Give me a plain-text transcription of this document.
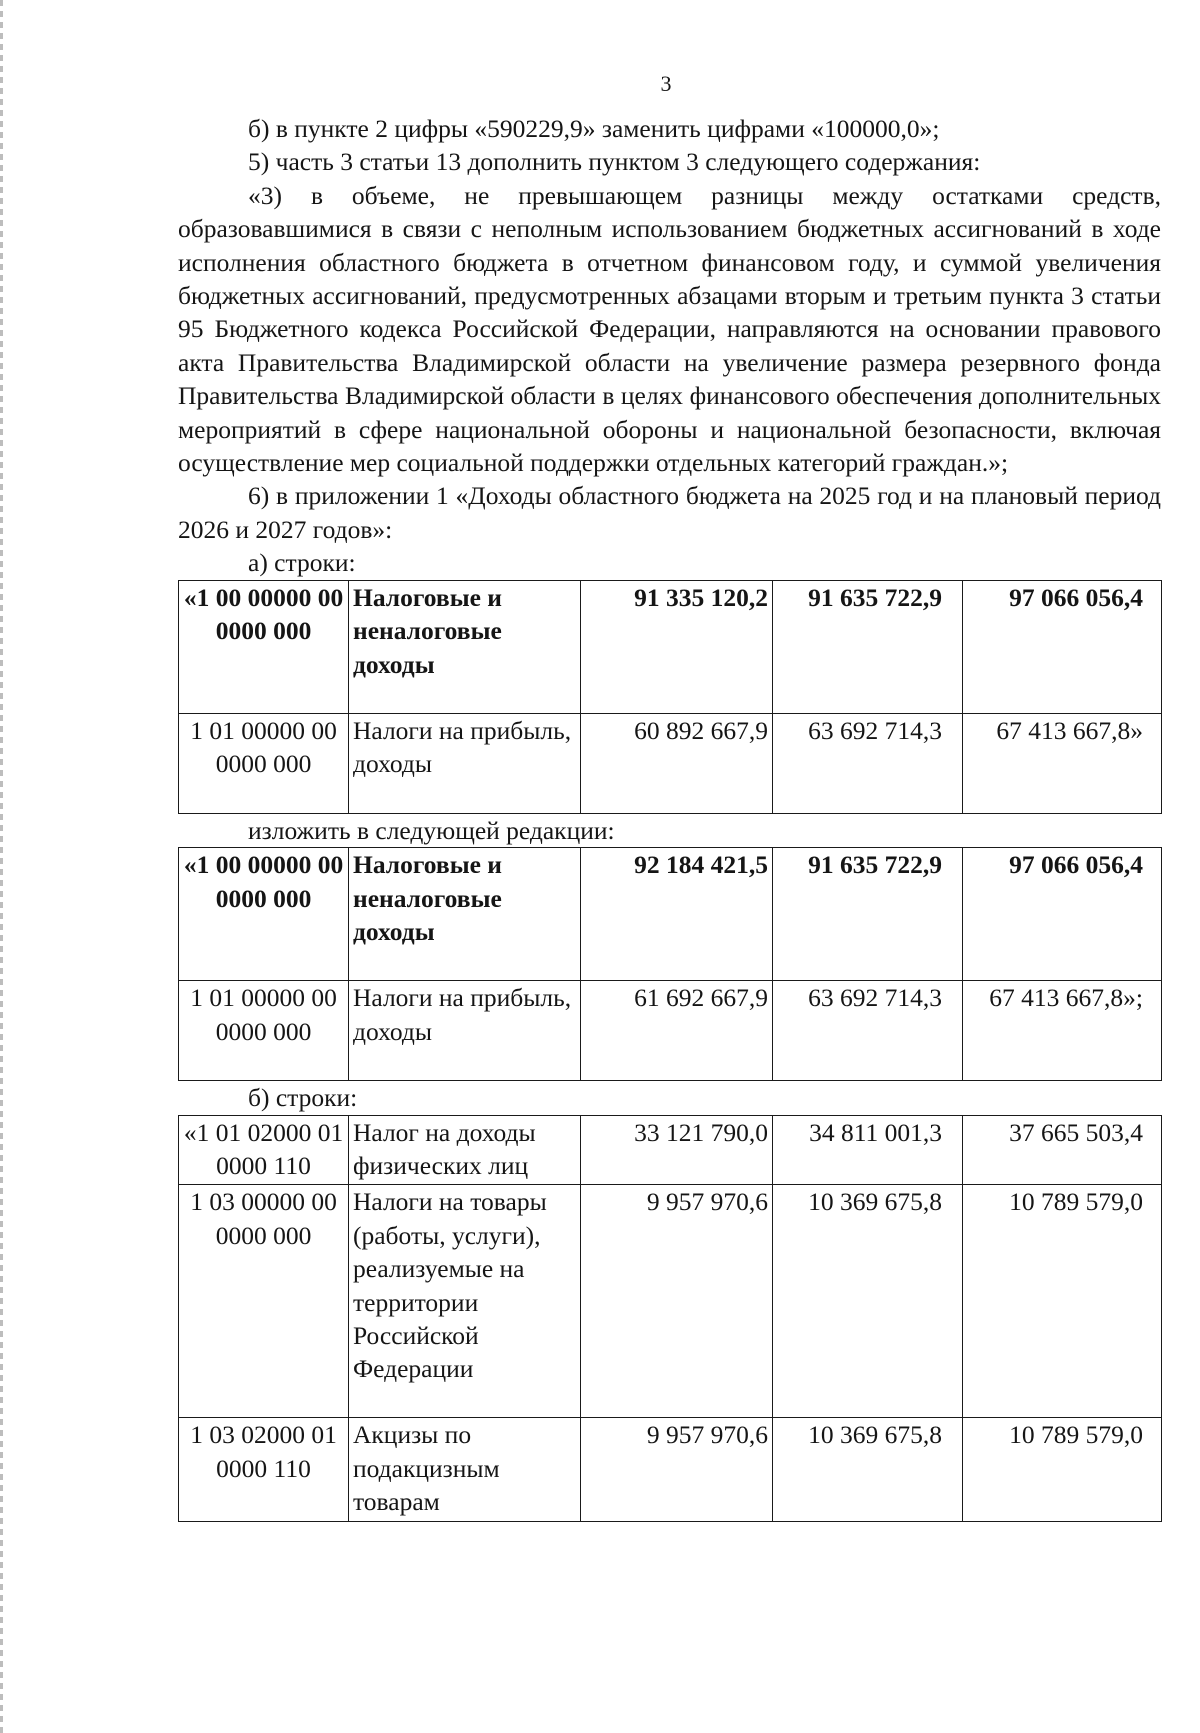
3

б) в пункте 2 цифры «590229,9» заменить цифрами «100000,0»;

5) часть 3 статьи 13 дополнить пунктом 3 следующего содержания:

«3) в объеме, не превышающем разницы между остатками средств, образовавшимися в связи с неполным использованием бюджетных ассигнований в ходе исполнения областного бюджета в отчетном финансовом году, и суммой увеличения бюджетных ассигнований, предусмотренных абзацами вторым и третьим пункта 3 статьи 95 Бюджетного кодекса Российской Федерации, направляются на основании правового акта Правительства Владимирской области на увеличение размера резервного фонда Правительства Владимирской области в целях финансового обеспечения дополнительных мероприятий в сфере национальной обороны и национальной безопасности, включая осуществление мер социальной поддержки отдельных категорий граждан.»;

6) в приложении 1 «Доходы областного бюджета на 2025 год и на плановый период 2026 и 2027 годов»:

а) строки:

«1 00 00000 00 0000 000	Налоговые и неналоговые доходы	91 335 120,2	91 635 722,9	97 066 056,4
1 01 00000 00 0000 000	Налоги на прибыль, доходы	60 892 667,9	63 692 714,3	67 413 667,8»

изложить в следующей редакции:

«1 00 00000 00 0000 000	Налоговые и неналоговые доходы	92 184 421,5	91 635 722,9	97 066 056,4
1 01 00000 00 0000 000	Налоги на прибыль, доходы	61 692 667,9	63 692 714,3	67 413 667,8»;

б) строки:

«1 01 02000 01 0000 110	Налог на доходы физических лиц	33 121 790,0	34 811 001,3	37 665 503,4
1 03 00000 00 0000 000	Налоги на товары (работы, услуги), реализуемые на территории Российской Федерации	9 957 970,6	10 369 675,8	10 789 579,0
1 03 02000 01 0000 110	Акцизы по подакцизным товарам	9 957 970,6	10 369 675,8	10 789 579,0
